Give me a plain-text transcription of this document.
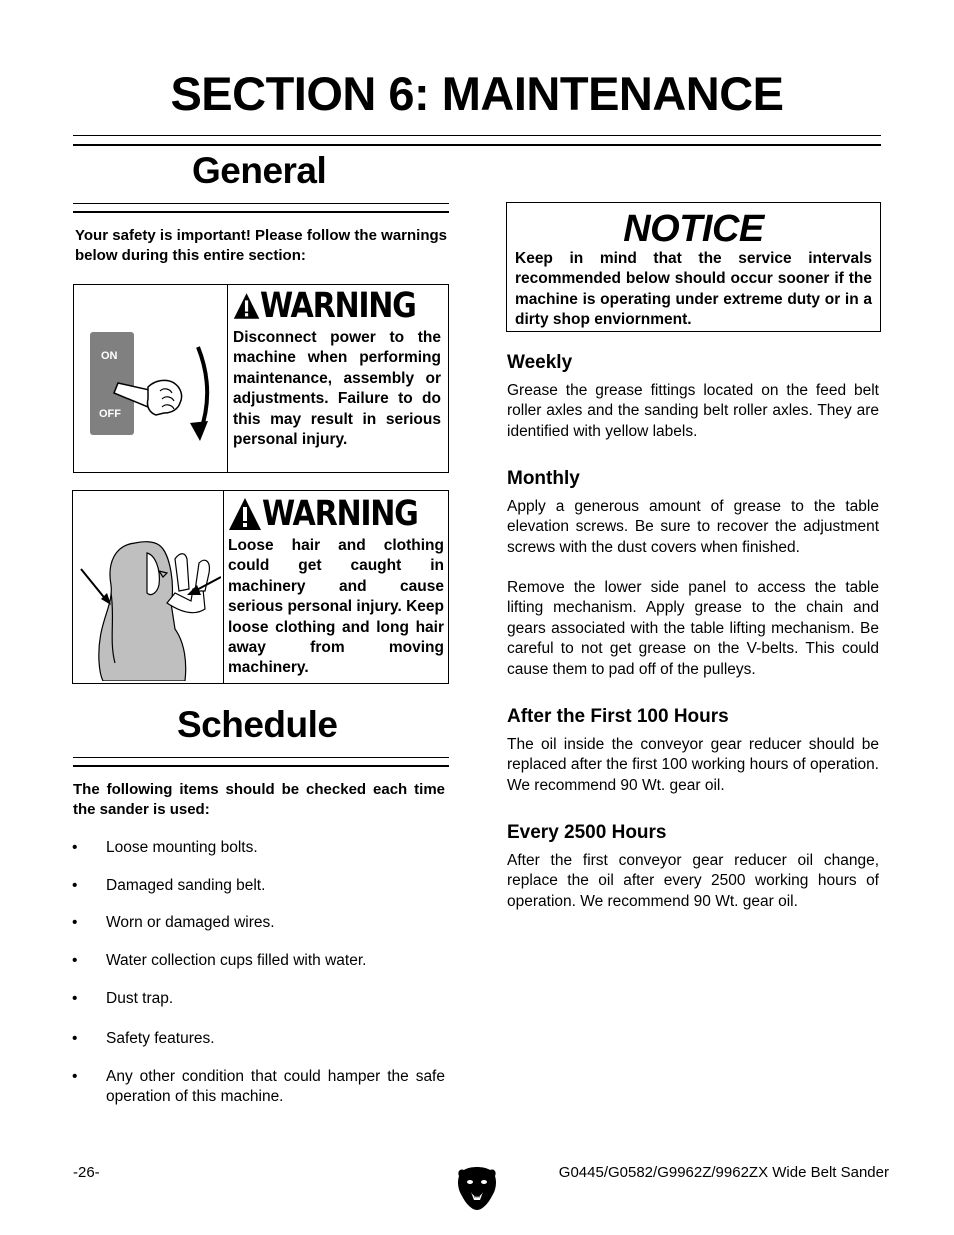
SECTION 6: MAINTENANCE
General

Your safety is important! Please follow the warnings below during this entire section:

ON
OFF
WARNING

Disconnect power to the machine when performing maintenance, assembly or adjustments. Failure to do this may result in serious personal injury.

WARNING

Loose hair and clothing could get caught in machinery and cause serious personal injury. Keep loose clothing and long hair away from moving machinery.

Schedule

The following items should be checked each time the sander is used:

• Loose mounting bolts.
• Damaged sanding belt.
• Worn or damaged wires.
• Water collection cups filled with water.
• Dust trap.
• Safety features.
• Any other condition that could hamper the safe operation of this machine.
NOTICE

Keep in mind that the service intervals recommended below should occur sooner if the machine is operating under extreme duty or in a dirty shop enviornment.

Weekly

Grease the grease fittings located on the feed belt roller axles and the sanding belt roller axles. They are identified with yellow labels.

Monthly

Apply a generous amount of grease to the table elevation screws. Be sure to recover the adjustment screws with the dust covers when finished.

Remove the lower side panel to access the table lifting mechanism. Apply grease to the chain and gears associated with the table lifting mechanism. Be careful to not get grease on the V-belts. This could cause them to pad off of the pulleys.

After the First 100 Hours

The oil inside the conveyor gear reducer should be replaced after the first 100 working hours of operation. We recommend 90 Wt. gear oil.

Every 2500 Hours

After the first conveyor gear reducer oil change, replace the oil after every 2500 working hours of operation. We recommend 90 Wt. gear oil.

-26-	G0445/G0582/G9962Z/9962ZX Wide Belt Sander
